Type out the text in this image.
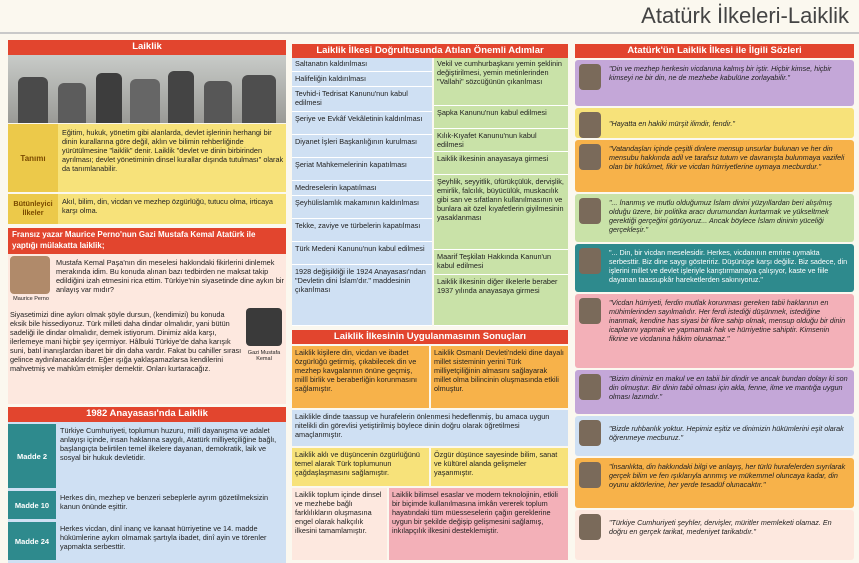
Atatürk İlkeleri-Laiklik
Laiklik
Tanımı
Eğitim, hukuk, yönetim gibi alanlarda, devlet işlerinin herhangi bir dinin kurallarına göre değil, aklın ve bilimin rehberliğinde yürütülmesine "laiklik" denir. Laiklik "devlet ve dinin birbirinden ayrılması; devlet yönetiminin dinsel kurallar dışında tutulması" olarak da tanımlanabilir.
Bütünleyici İlkeler
Akıl, bilim, din, vicdan ve mezhep özgürlüğü, tutucu olma, irticaya karşı olma.
Fransız yazar Maurice Perno'nun Gazi Mustafa Kemal Atatürk ile yaptığı mülakatta laiklik;
Maurice Perno
Mustafa Kemal Paşa'nın din meselesi hakkındaki fikirlerini dinlemek merakında idim. Bu konuda alınan bazı tedbirden ne maksat takip edildiğini izah etmesini rica ettim. Türkiye'nin siyasetinde dine aykırı bir anlayış var mıdır?
Gazi Mustafa Kemal
Siyasetimizi dine aykırı olmak şöyle dursun, (kendimizi) bu konuda eksik bile hissediyoruz. Türk milleti daha dindar olmalıdır, yani bütün sadeliği ile dindar olmalıdır, demek istiyorum. Dinimiz akla karşı, ilerlemeye mani hiçbir şey içermiyor. Hâlbuki Türkiye'de daha karışık suni, batıl inanışlardan ibaret bir din daha vardır. Fakat bu cahiller sırası gelince aydınlanacaklardır. Eğer ışığa yaklaşamazlarsa kendilerini mahvetmiş ve mahkûm etmişler demektir. Onları kurtaracağız.
1982 Anayasası'nda Laiklik
Madde 2
Türkiye Cumhuriyeti, toplumun huzuru, millî dayanışma ve adalet anlayışı içinde, insan haklarına saygılı, Atatürk milliyetçiliğine bağlı, başlangıçta belirtilen temel ilkelere dayanan, demokratik, laik ve sosyal bir hukuk devletidir.
Madde 10
Herkes din, mezhep ve benzeri sebeplerle ayrım gözetilmeksizin kanun önünde eşittir.
Madde 24
Herkes vicdan, dinî inanç ve kanaat hürriyetine ve 14. madde hükümlerine aykırı olmamak şartıyla ibadet, dinî ayin ve törenler yapmakta serbesttir.
Laiklik İlkesi Doğrultusunda Atılan Önemli Adımlar
Saltanatın kaldırılması
Halifeliğin kaldırılması
Tevhid-i Tedrisat Kanunu'nun kabul edilmesi
Şeriye ve Evkâf Vekâletinin kaldırılması
Diyanet İşleri Başkanlığının kurulması
Şeriat Mahkemelerinin kapatılması
Medreselerin kapatılması
Şeyhülislamlık makamının kaldırılması
Tekke, zaviye ve türbelerin kapatılması
Türk Medeni Kanunu'nun kabul edilmesi
1928 değişikliği ile 1924 Anayasası'ndan "Devletin dini İslam'dır." maddesinin çıkarılması
Vekil ve cumhurbaşkanı yemin şeklinin değiştirilmesi, yemin metinlerinden "Vallahi" sözcüğünün çıkarılması
Şapka Kanunu'nun kabul edilmesi
Kılık-Kıyafet Kanunu'nun kabul edilmesi
Laiklik ilkesinin anayasaya girmesi
Şeyhlik, seyyitlik, üfürükçülük, dervişlik, emirlik, falcılık, büyücülük, muskacılık gibi san ve sıfatların kullanılmasının ve bunlara ait özel kıyafetlerin giyilmesinin yasaklanması
Maarif Teşkilatı Hakkında Kanun'un kabul edilmesi
Laiklik ilkesinin diğer ilkelerle beraber 1937 yılında anayasaya girmesi
Laiklik İlkesinin Uygulanmasının Sonuçları
Laiklik kişilere din, vicdan ve ibadet özgürlüğü getirmiş, çıkabilecek din ve mezhep kavgalarının önüne geçmiş, millî birlik ve beraberliğin korunmasını sağlamıştır.
Laiklik Osmanlı Devleti'ndeki dine dayalı millet sisteminin yerini Türk milliyetçiliğinin almasını sağlayarak millet olma bilincinin oluşmasında etkili olmuştur.
Laiklikle dinde taassup ve hurafelerin önlenmesi hedeflenmiş, bu amaca uygun nitelikli din görevlisi yetiştirilmiş böylece dinin doğru olarak öğretilmesi amaçlanmıştır.
Laiklik aklı ve düşüncenin özgürlüğünü temel alarak Türk toplumunun çağdaşlaşmasını sağlamıştır.
Özgür düşünce sayesinde bilim, sanat ve kültürel alanda gelişmeler yaşanmıştır.
Laiklik toplum içinde dinsel ve mezhebe bağlı farklılıkların oluşmasına engel olarak halkçılık ilkesini tamamlamıştır.
Laiklik bilimsel esaslar ve modern teknolojinin, etkili bir biçimde kullanılmasına imkân vererek toplum hayatındaki tüm müesseselerin çağın gereklerine uygun bir şekilde değişip gelişmesini sağlamış, inkılapçılık ilkesini desteklemiştir.
Atatürk'ün Laiklik İlkesi ile İlgili Sözleri
"Din ve mezhep herkesin vicdanına kalmış bir iştir. Hiçbir kimse, hiçbir kimseyi ne bir din, ne de mezhebe kabulüne zorlayabilir."
"Hayatta en hakiki mürşit ilimdir, fendir."
"Vatandaşları içinde çeşitli dinlere mensup unsurlar bulunan ve her din mensubu hakkında adil ve tarafsız tutum ve davranışta bulunmaya vazifeli olan bir hükûmet, fikir ve vicdan hürriyetlerine uymaya mecburdur."
"... İnanmış ve mutlu olduğumuz İslam dinini yüzyıllardan beri alışılmış olduğu üzere, bir politika aracı durumundan kurtarmak ve yükseltmek gerektiği gerçeğini görüyoruz... Ancak böylece İslam dininin yüceliği gerçekleşir."
"... Din, bir vicdan meselesidir. Herkes, vicdanının emrine uymakta serbesttir. Biz dine saygı gösteririz. Düşünüşe karşı değiliz. Biz sadece, din işlerini millet ve devlet işleriyle karıştırmamaya çalışıyor, kaste ve fiile dayanan taassupkâr hareketlerden sakınıyoruz."
"Vicdan hürriyeti, ferdin mutlak korunması gereken tabii haklarının en mühimlerinden sayılmalıdır. Her ferdi istediği düşünmek, istediğine inanmak, kendine has siyasi bir fikre sahip olmak, mensup olduğu bir dinin icaplarını yapmak ve yapmamak hak ve hürriyetine sahiptir. Kimsenin fikrine ve vicdanına hâkim olunamaz."
"Bizim dinimiz en makul ve en tabii bir dindir ve ancak bundan dolayı ki son din olmuştur. Bir dinin tabii olması için akla, fenne, ilme ve mantığa uygun olması lazımdır."
"Bizde ruhbanlık yoktur. Hepimiz eşitiz ve dinimizin hükümlerini eşit olarak öğrenmeye mecburuz."
"İnsanlıkta, din hakkındaki bilgi ve anlayış, her türlü hurafelerden sıyrılarak gerçek bilim ve fen ışıklarıyla arınmış ve mükemmel oluncaya kadar, din oyunu aktörlerine, her yerde tesadüf olunacaktır."
"Türkiye Cumhuriyeti şeyhler, dervişler, müritler memleketi olamaz. En doğru en gerçek tarikat, medeniyet tarikatıdır."
